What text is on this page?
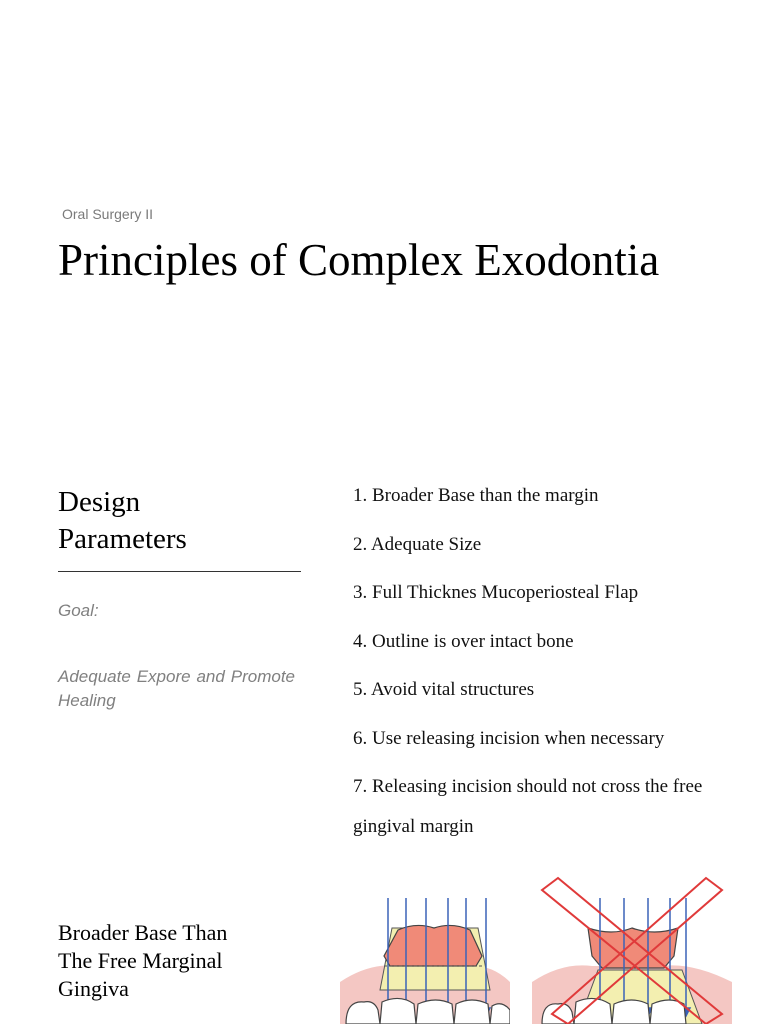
Oral Surgery II
Principles of Complex Exodontia
Design
Parameters
Goal:
Adequate Expore and Promote Healing
1. Broader Base than the margin
2. Adequate Size
3. Full Thicknes Mucoperiosteal Flap
4. Outline is over intact bone
5. Avoid vital structures
6. Use releasing incision when necessary
7. Releasing incision should not cross the free gingival margin
Broader Base Than
The Free Marginal
Gingiva
